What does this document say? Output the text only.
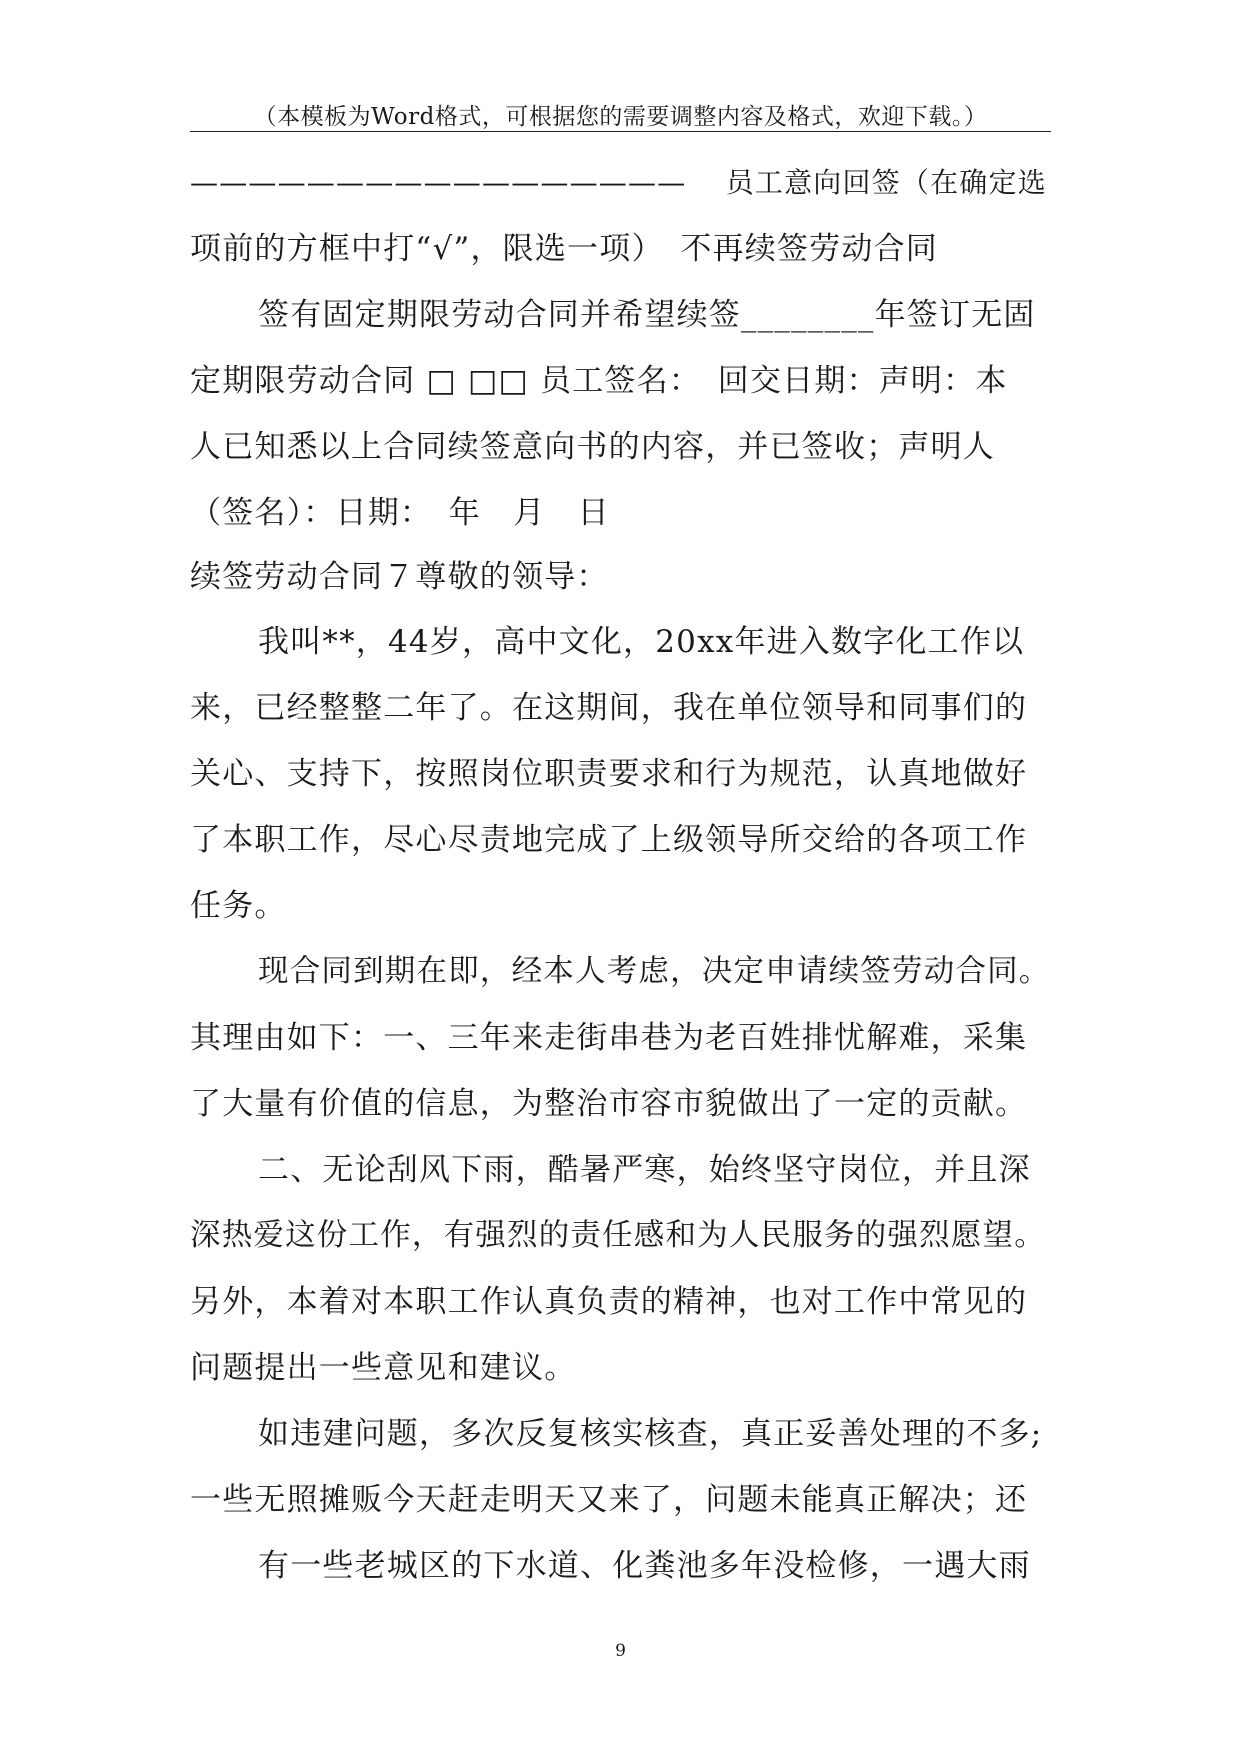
（本模板为Word格式，可根据您的需要调整内容及格式，欢迎下载。）
—————————————————　 员工意向回签（在确定选
项前的方框中打“√”，限选一项）　不再续签劳动合同
签有固定期限劳动合同并希望续签________年签订无固
定期限劳动合同 □ □□ 员工签名：　回交日期：声明：本
人已知悉以上合同续签意向书的内容，并已签收；声明人
（签名）：日期：　年　月　日
续签劳动合同７尊敬的领导：
我叫**，44岁，高中文化，20xx年进入数字化工作以
来，已经整整二年了。在这期间，我在单位领导和同事们的
关心、支持下，按照岗位职责要求和行为规范，认真地做好
了本职工作，尽心尽责地完成了上级领导所交给的各项工作
任务。
现合同到期在即，经本人考虑，决定申请续签劳动合同。
其理由如下：一、三年来走街串巷为老百姓排忧解难，采集
了大量有价值的信息，为整治市容市貌做出了一定的贡献。
二、无论刮风下雨，酷暑严寒，始终坚守岗位，并且深
深热爱这份工作，有强烈的责任感和为人民服务的强烈愿望。
另外，本着对本职工作认真负责的精神，也对工作中常见的
问题提出一些意见和建议。
如违建问题，多次反复核实核查，真正妥善处理的不多;
一些无照摊贩今天赶走明天又来了，问题未能真正解决；还
有一些老城区的下水道、化粪池多年没检修，一遇大雨
9
